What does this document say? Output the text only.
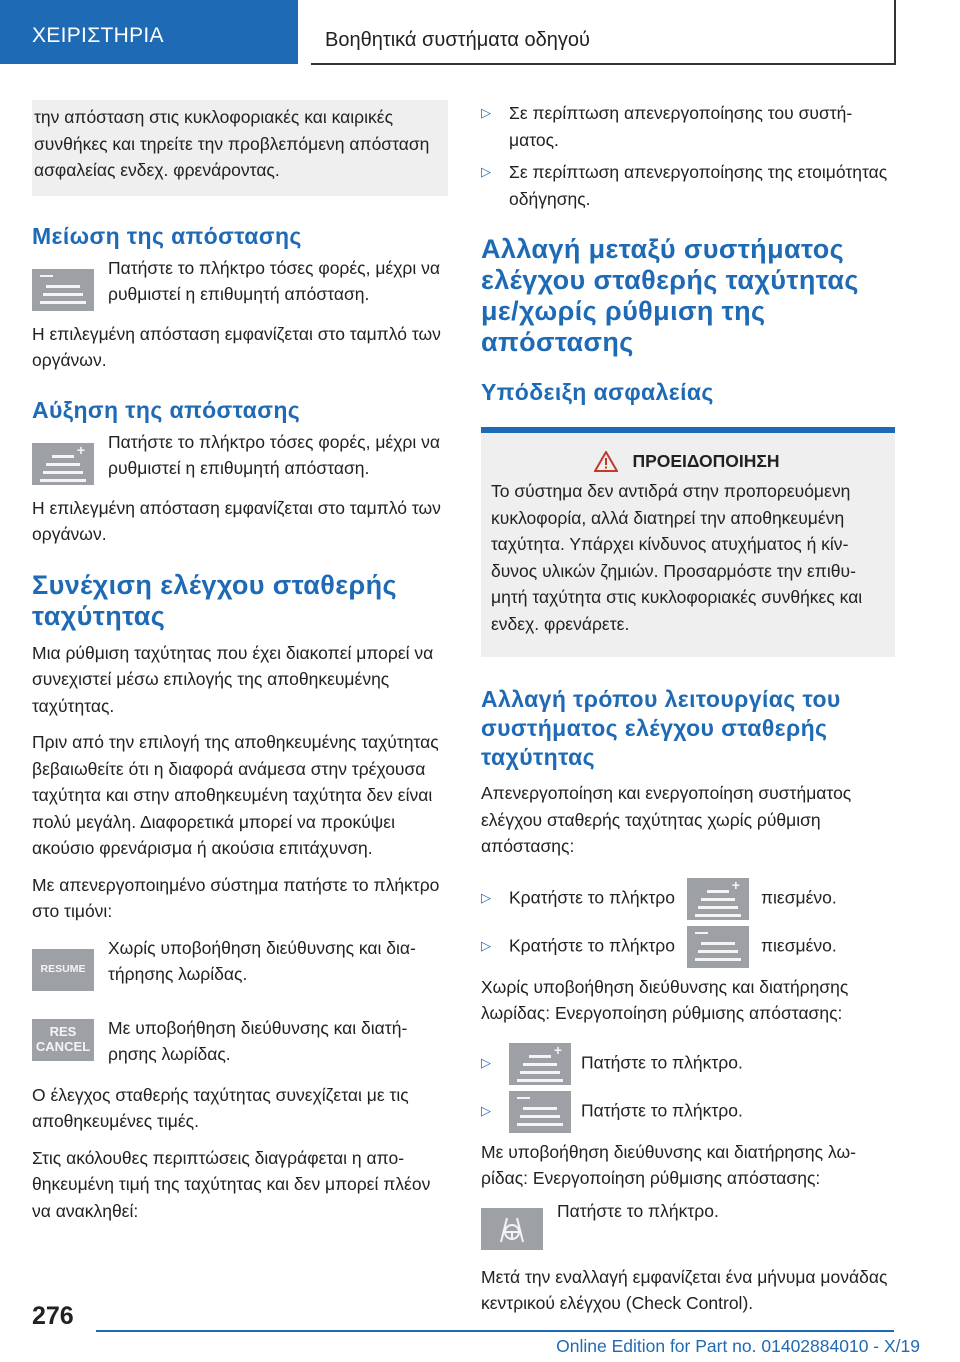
ΧΕΙΡΙΣΤΗΡΙΑ	Βοηθητικά συστήματα οδηγού

την απόσταση στις κυκλοφοριακές και καιρικές συνθήκες και τηρείτε την προβλεπόμενη απόσταση ασφαλείας ενδεχ. φρενάροντας.

Μείωση της απόστασης

Πατήστε το πλήκτρο τόσες φορές, μέχρι να ρυθμιστεί η επιθυμητή απόσταση.

Η επιλεγμένη απόσταση εμφανίζεται στο ταμπλό των οργάνων.

Αύξηση της απόστασης
+ Πατήστε το πλήκτρο τόσες φορές, μέχρι να ρυθμιστεί η επιθυμητή απόσταση.

Η επιλεγμένη απόσταση εμφανίζεται στο ταμπλό των οργάνων.

Συνέχιση ελέγχου σταθερής ταχύτητας

Μια ρύθμιση ταχύτητας που έχει διακοπεί μπορεί να συνεχιστεί μέσω επιλογής της αποθηκευμένης ταχύτητας.

Πριν από την επιλογή της αποθηκευμένης ταχύτητας βεβαιωθείτε ότι η διαφορά ανάμεσα στην τρέχουσα ταχύτητα και στην αποθηκευμένη ταχύτητα δεν είναι πολύ μεγάλη. Διαφορετικά μπορεί να προκύψει ακούσιο φρενάρισμα ή ακούσια επιτάχυνση.

Με απενεργοποιημένο σύστημα πατήστε το πλήκτρο στο τιμόνι:

RESUME

Χωρίς υποβοήθηση διεύθυνσης και διατήρησης λωρίδας.

RES
CANCEL

Με υποβοήθηση διεύθυνσης και διατήρησης λωρίδας.

Ο έλεγχος σταθερής ταχύτητας συνεχίζεται με τις αποθηκευμένες τιμές.

Στις ακόλουθες περιπτώσεις διαγράφεται η αποθηκευμένη τιμή της ταχύτητας και δεν μπορεί πλέον να ανακληθεί:

▷	Σε περίπτωση απενεργοποίησης του συστήματος.

▷	Σε περίπτωση απενεργοποίησης της ετοιμότητας οδήγησης.

Αλλαγή μεταξύ συστήματος ελέγχου σταθερής ταχύτητας με/χωρίς ρύθμιση της απόστασης
Υπόδειξη ασφαλείας
ΠΡΟΕΙΔΟΠΟΙΗΣΗ

Το σύστημα δεν αντιδρά στην προπορευόμενη κυκλοφορία, αλλά διατηρεί την αποθηκευμένη ταχύτητα. Υπάρχει κίνδυνος ατυχήματος ή κίνδυνος υλικών ζημιών. Προσαρμόστε την επιθυμητή ταχύτητα στις κυκλοφοριακές συνθήκες και ενδεχ. φρενάρετε.

Αλλαγή τρόπου λειτουργίας του συστήματος ελέγχου σταθερής ταχύτητας

Απενεργοποίηση και ενεργοποίηση συστήματος ελέγχου σταθερής ταχύτητας χωρίς ρύθμιση απόστασης:

▷	Κρατήστε το πλήκτρο
+
πιεσμένο.

▷	Κρατήστε το πλήκτρο	πιεσμένο.

Χωρίς υποβοήθηση διεύθυνσης και διατήρησης λωρίδας: Ενεργοποίηση ρύθμισης απόστασης:

▷

+
Πατήστε το πλήκτρο.

▷	Πατήστε το πλήκτρο.

Με υποβοήθηση διεύθυνσης και διατήρησης λωρίδας: Ενεργοποίηση ρύθμισης απόστασης:

Πατήστε το πλήκτρο.

Μετά την εναλλαγή εμφανίζεται ένα μήνυμα μονάδας κεντρικού ελέγχου (Check Control).

276
Online Edition for Part no. 01402884010 - X/19
